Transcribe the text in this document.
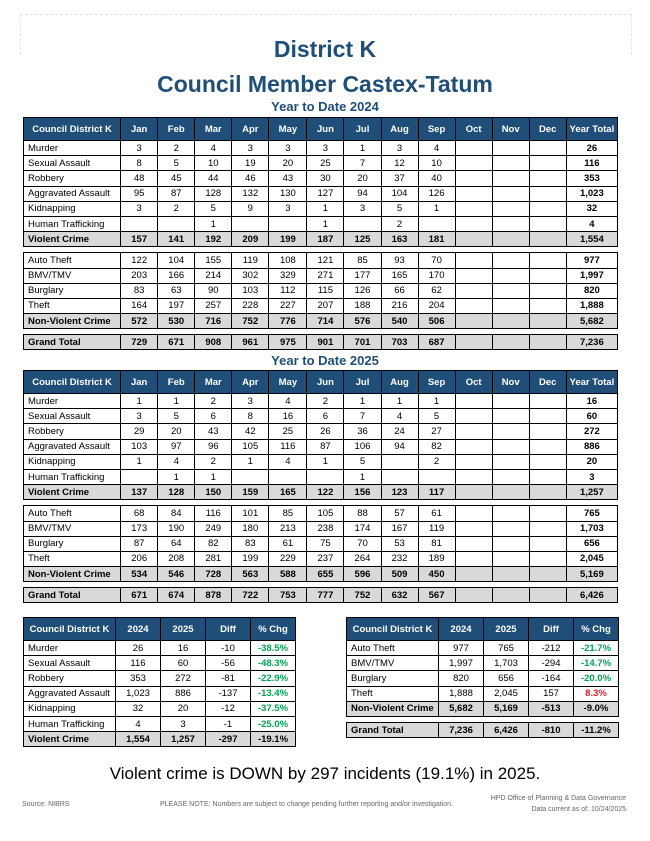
District K
Council Member Castex-Tatum
Year to Date 2024
Council District K	Jan	Feb	Mar	Apr	May	Jun	Jul	Aug	Sep	Oct	Nov	Dec	Year Total
Murder	3	2	4	3	3	3	1	3	4				26
Sexual Assault	8	5	10	19	20	25	7	12	10				116
Robbery	48	45	44	46	43	30	20	37	40				353
Aggravated Assault	95	87	128	132	130	127	94	104	126				1,023
Kidnapping	3	2	5	9	3	1	3	5	1				32
Human Trafficking			1			1		2					4
Violent Crime	157	141	192	209	199	187	125	163	181				1,554

Auto Theft	122	104	155	119	108	121	85	93	70				977
BMV/TMV	203	166	214	302	329	271	177	165	170				1,997
Burglary	83	63	90	103	112	115	126	66	62				820
Theft	164	197	257	228	227	207	188	216	204				1,888
Non-Violent Crime	572	530	716	752	776	714	576	540	506				5,682

Grand Total	729	671	908	961	975	901	701	703	687				7,236
Year to Date 2025
Council District K	Jan	Feb	Mar	Apr	May	Jun	Jul	Aug	Sep	Oct	Nov	Dec	Year Total
Murder	1	1	2	3	4	2	1	1	1				16
Sexual Assault	3	5	6	8	16	6	7	4	5				60
Robbery	29	20	43	42	25	26	36	24	27				272
Aggravated Assault	103	97	96	105	116	87	106	94	82				886
Kidnapping	1	4	2	1	4	1	5		2				20
Human Trafficking		1	1				1						3
Violent Crime	137	128	150	159	165	122	156	123	117				1,257

Auto Theft	68	84	116	101	85	105	88	57	61				765
BMV/TMV	173	190	249	180	213	238	174	167	119				1,703
Burglary	87	64	82	83	61	75	70	53	81				656
Theft	206	208	281	199	229	237	264	232	189				2,045
Non-Violent Crime	534	546	728	563	588	655	596	509	450				5,169

Grand Total	671	674	878	722	753	777	752	632	567				6,426
Council District K	2024	2025	Diff	% Chg
Murder	26	16	-10	-38.5%
Sexual Assault	116	60	-56	-48.3%
Robbery	353	272	-81	-22.9%
Aggravated Assault	1,023	886	-137	-13.4%
Kidnapping	32	20	-12	-37.5%
Human Trafficking	4	3	-1	-25.0%
Violent Crime	1,554	1,257	-297	-19.1%
Council District K	2024	2025	Diff	% Chg
Auto Theft	977	765	-212	-21.7%
BMV/TMV	1,997	1,703	-294	-14.7%
Burglary	820	656	-164	-20.0%
Theft	1,888	2,045	157	8.3%
Non-Violent Crime	5,682	5,169	-513	-9.0%

Grand Total	7,236	6,426	-810	-11.2%
Violent crime is DOWN by 297 incidents (19.1%) in 2025.
Source: NIBRS	PLEASE NOTE: Numbers are subject to change pending further reporting and/or investigation.
HPD Office of Planning & Data Governance
Data current as of: 10/24/2025
